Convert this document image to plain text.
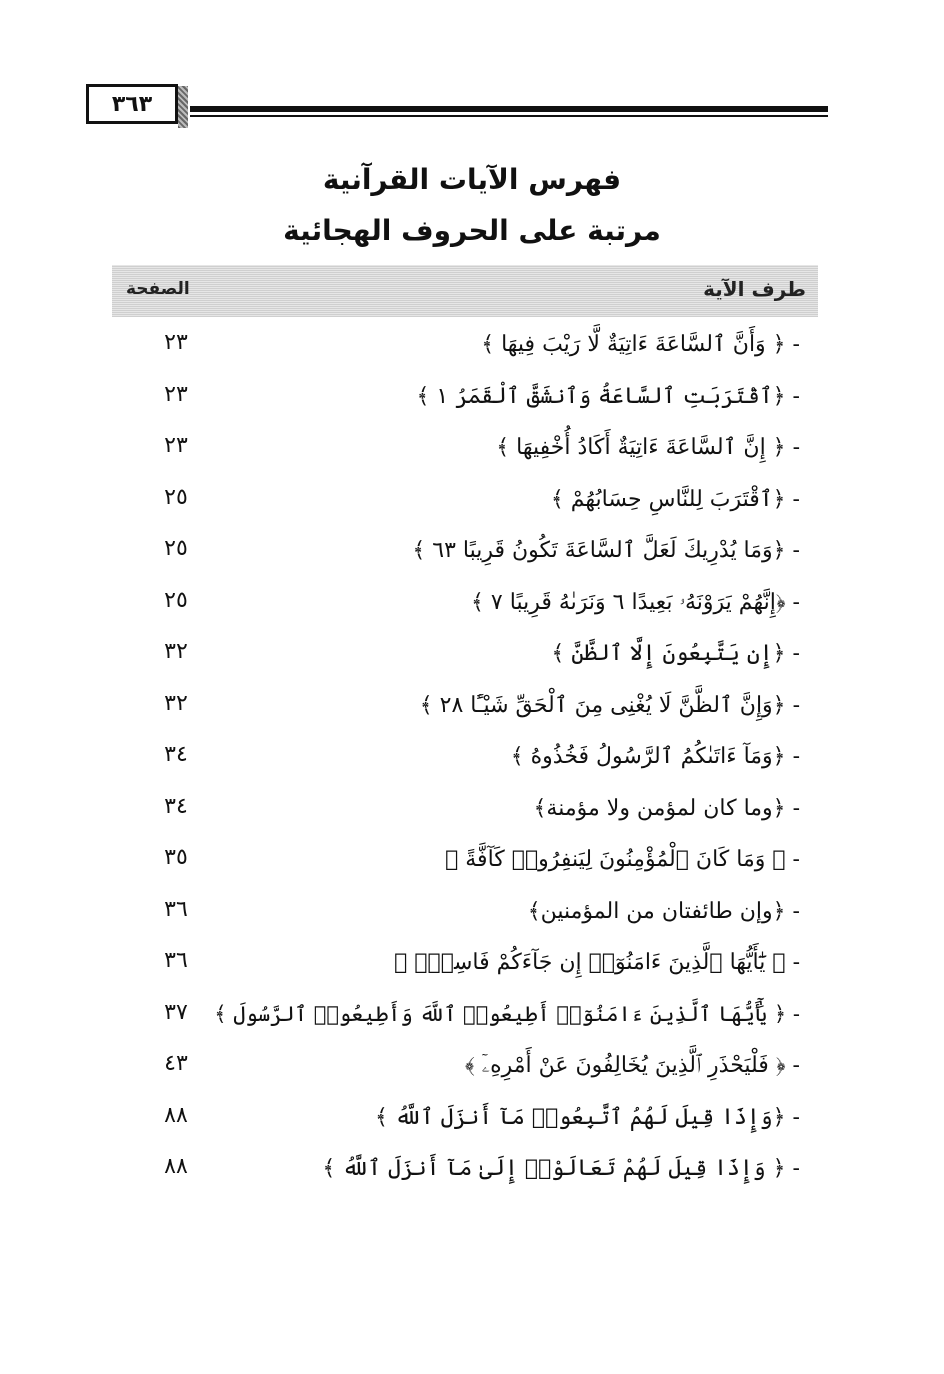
٣٦٣
فهرس الآيات القرآنية
مرتبة على الحروف الهجائية
طرف الآية
الصفحة
- ﴿ وَأَنَّ ٱلسَّاعَةَ ءَاتِيَةٌ لَّا رَيْبَ فِيهَا ﴾
٢٣
- ﴿ٱقْتَرَبَتِ ٱلسَّاعَةُ وَٱنشَقَّ ٱلْقَمَرُ ١ ﴾
٢٣
- ﴿ إِنَّ ٱلسَّاعَةَ ءَاتِيَةٌ أَكَادُ أُخْفِيهَا ﴾
٢٣
- ﴿ٱقْتَرَبَ لِلنَّاسِ حِسَابُهُمْ ﴾
٢٥
- ﴿وَمَا يُدْرِيكَ لَعَلَّ ٱلسَّاعَةَ تَكُونُ قَرِيبًا ٦٣ ﴾
٢٥
- ﴿إِنَّهُمْ يَرَوْنَهُۥ بَعِيدًا ٦ وَنَرَىٰهُ قَرِيبًا ٧ ﴾
٢٥
- ﴿إِن يَتَّبِعُونَ إِلَّا ٱلظَّنَّ ﴾
٣٢
- ﴿وَإِنَّ ٱلظَّنَّ لَا يُغْنِى مِنَ ٱلْحَقِّ شَيْـًٔا ٢٨ ﴾
٣٢
- ﴿وَمَآ ءَاتَىٰكُمُ ٱلرَّسُولُ فَخُذُوهُ ﴾
٣٤
- ﴿وما كان لمؤمن ولا مؤمنة﴾
٣٤
- ﴿ وَمَا كَانَ ٱلْمُؤْمِنُونَ لِيَنفِرُوا۟ كَآفَّةً ﴾
٣٥
- ﴿وإن طائفتان من المؤمنين﴾
٣٦
- ﴿ يَٰٓأَيُّهَا ٱلَّذِينَ ءَامَنُوٓا۟ إِن جَآءَكُمْ فَاسِقٌۢ ﴾
٣٦
- ﴿ يَٰٓأَيُّهَا ٱلَّذِينَ ءَامَنُوٓا۟ أَطِيعُوا۟ ٱللَّهَ وَأَطِيعُوا۟ ٱلرَّسُولَ ﴾
٣٧
- ﴿ فَلْيَحْذَرِ ٱلَّذِينَ يُخَالِفُونَ عَنْ أَمْرِهِۦٓ ﴾
٤٣
- ﴿وَإِذَا قِيلَ لَهُمُ ٱتَّبِعُوا۟ مَآ أَنزَلَ ٱللَّهُ ﴾
٨٨
- ﴿ وَإِذَا قِيلَ لَهُمْ تَعَالَوْا۟ إِلَىٰ مَآ أَنزَلَ ٱللَّهُ ﴾
٨٨
